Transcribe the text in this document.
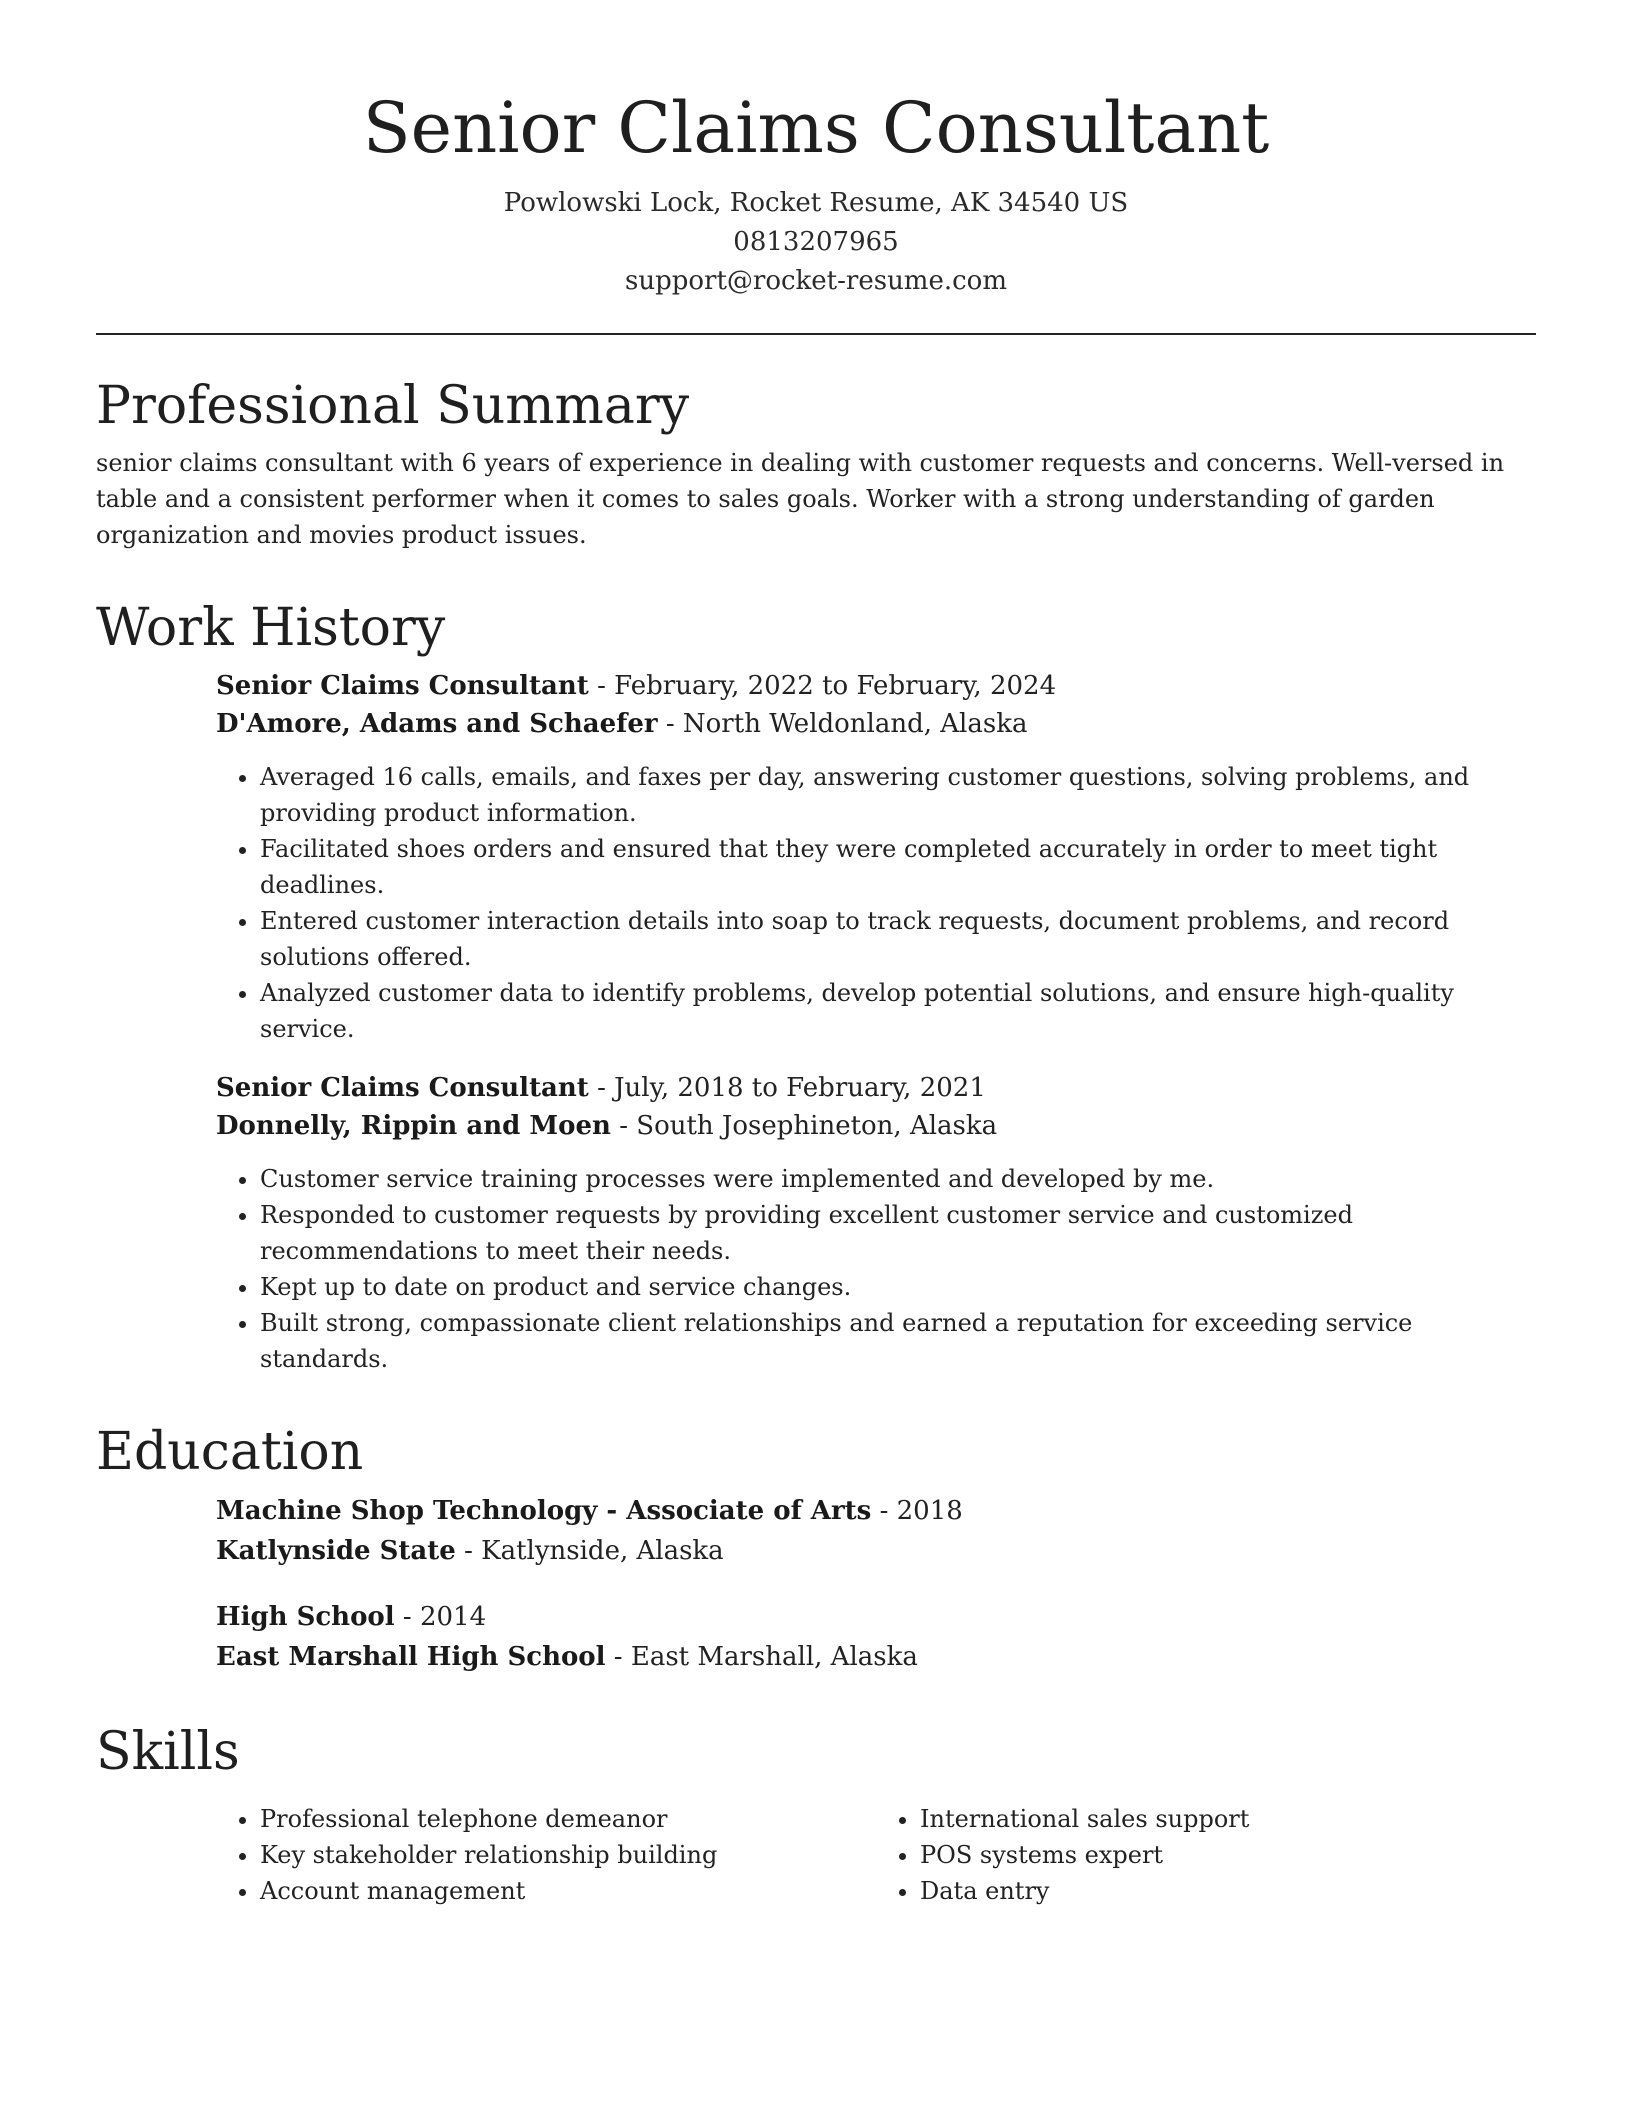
Senior Claims Consultant
Powlowski Lock, Rocket Resume, AK 34540 US
0813207965
support@rocket-resume.com
Professional Summary

senior claims consultant with 6 years of experience in dealing with customer requests and concerns. Well-versed in table and a consistent performer when it comes to sales goals. Worker with a strong understanding of garden organization and movies product issues.

Work History
Senior Claims Consultant - February, 2022 to February, 2024
D'Amore, Adams and Schaefer - North Weldonland, Alaska
• Averaged 16 calls, emails, and faxes per day, answering customer questions, solving problems, and providing product information.
• Facilitated shoes orders and ensured that they were completed accurately in order to meet tight deadlines.
• Entered customer interaction details into soap to track requests, document problems, and record solutions offered.
• Analyzed customer data to identify problems, develop potential solutions, and ensure high-quality service.
Senior Claims Consultant - July, 2018 to February, 2021
Donnelly, Rippin and Moen - South Josephineton, Alaska
• Customer service training processes were implemented and developed by me.
• Responded to customer requests by providing excellent customer service and customized recommendations to meet their needs.
• Kept up to date on product and service changes.
• Built strong, compassionate client relationships and earned a reputation for exceeding service standards.
Education
Machine Shop Technology - Associate of Arts - 2018
Katlynside State - Katlynside, Alaska
High School - 2014
East Marshall High School - East Marshall, Alaska
Skills
• Professional telephone demeanor
• Key stakeholder relationship building
• Account management
• International sales support
• POS systems expert
• Data entry
